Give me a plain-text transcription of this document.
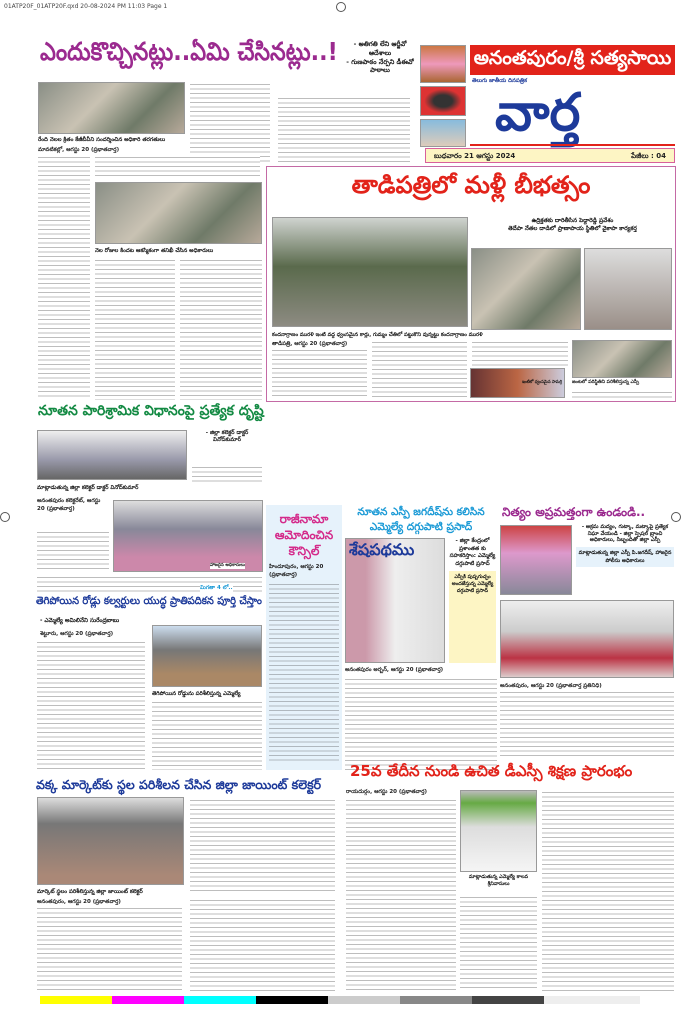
01ATP20F_01ATP20F.qxd 20-08-2024 PM 11:03 Page 1
అనంతపురం/శ్రీ సత్యసాయి
తెలుగు జాతీయ దినపత్రిక
వార్త
బుధవారం 21 ఆగస్టు 2024	పేజీలు : 04
ఎందుకొచ్చినట్లు..ఏమి చేసినట్లు..!	- అతిగతి లేని ఆర్జీవో ఆదేశాలు
- గుణపాఠం నేర్పని డీఈవో పాఠాలు
రేంది నెలల క్రితం కేజీబీవీని సందర్శించిన అధికారి తరగతులు
మావటికల్లో, ఆగస్టు 20 (ప్రభాతవార్త)
నెల రోజుల కిందట ఆకస్మికంగా తనిఖీ చేసిన అధికారులు
తాడిపత్రిలో మళ్లీ బీభత్సం
ఉద్రిక్తతకు దారితీసిన పెద్దారెడ్డి ప్రవేశం తెదేపా నేతల దాడిలో ప్రాణాపాయ స్థితిలో వైకాపా కార్యకర్త
కందనాగ్రాణం మురళి ఇంటి వద్ద ధ్వంసమైన కార్లు, గుమ్మం చేతిలో పట్టుకొని వున్నట్టు కందనాగ్రాణం మురళి
తాడిపత్రి, ఆగస్టు 20 (ప్రభాతవార్త)
ఇంటిలో ధ్వంసమైన సామగ్రి జంటలో పరిస్థితిని పరిశీలిస్తున్న ఎస్పీ
నూతన పారిశ్రామిక విధానంపై ప్రత్యేక దృష్టి
- జిల్లా కలెక్టర్ డాక్టర్ వినోద్‌కుమార్
మాట్లాడుతున్న జిల్లా కలెక్టర్ డాక్టర్ వినోద్‌కుమార్
అనంతపురం కలెక్టరేట్, ఆగస్టు 20 (ప్రభాతవార్త)
హాజరైన అధికారులు
మిగతా 4 లో..
రాజీనామా ఆమోదించిన కౌన్సిల్
హిందూపురం, ఆగస్టు 20 (ప్రభాతవార్త)
నూతన ఎస్పీ జగదీష్‌ను కలిసిన ఎమ్మెల్యే దగ్గుపాటి ప్రసాద్
శేషపథము	- జిల్లా కేంద్రంలో ప్రశాంతత కు సహకరిస్తాం: ఎమ్మెల్యే దగ్గుపాటి ప్రసాద్
ఎస్పీకి పుష్పగుచ్ఛం అందజేస్తున్న ఎమ్మెల్యే దగ్గుపాటి ప్రసాద్
అనంతపురం అర్బన్, ఆగస్టు 20 (ప్రభాతవార్త)
నిత్యం అప్రమత్తంగా ఉండండి..
- అక్రమ మద్యం, గుట్కా, మట్కాపై ప్రత్యేక నిఘా వేయండి - జిల్లా స్పెషల్ బ్రాంచి అధికారులు, సిబ్బందితో జిల్లా ఎస్పీ
మాట్లాడుతున్న జిల్లా ఎస్పీ పి.జగదీష్, హాజరైన పోలీసు అధికారులు
అనంతపురం, ఆగస్టు 20 (ప్రభాతవార్త ప్రతినిధి)
తెగిపోయిన రోడ్లు కల్వర్టులు యుద్ధ ప్రాతిపదికన పూర్తి చేస్తాం
- ఎమ్మెల్యే అమిలినేని సురేంద్రబాబు
శెట్టూరు, ఆగస్టు 20 (ప్రభాతవార్త)
తెగిపోయిన రోడ్డును పరిశీలిస్తున్న ఎమ్మెల్యే
వక్క మార్కెట్‌కు స్థల పరిశీలన చేసిన జిల్లా జాయింట్ కలెక్టర్
మార్కెట్ స్థలం పరిశీలిస్తున్న జిల్లా జాయింట్ కలెక్టర్
అనంతపురం, ఆగస్టు 20 (ప్రభాతవార్త)
25వ తేదీన నుండి ఉచిత డీఎస్సీ శిక్షణ ప్రారంభం
రాయదుర్గం, ఆగస్టు 20 (ప్రభాతవార్త)
మాట్లాడుతున్న ఎమ్మెల్యే కాలవ శ్రీనివాసులు
